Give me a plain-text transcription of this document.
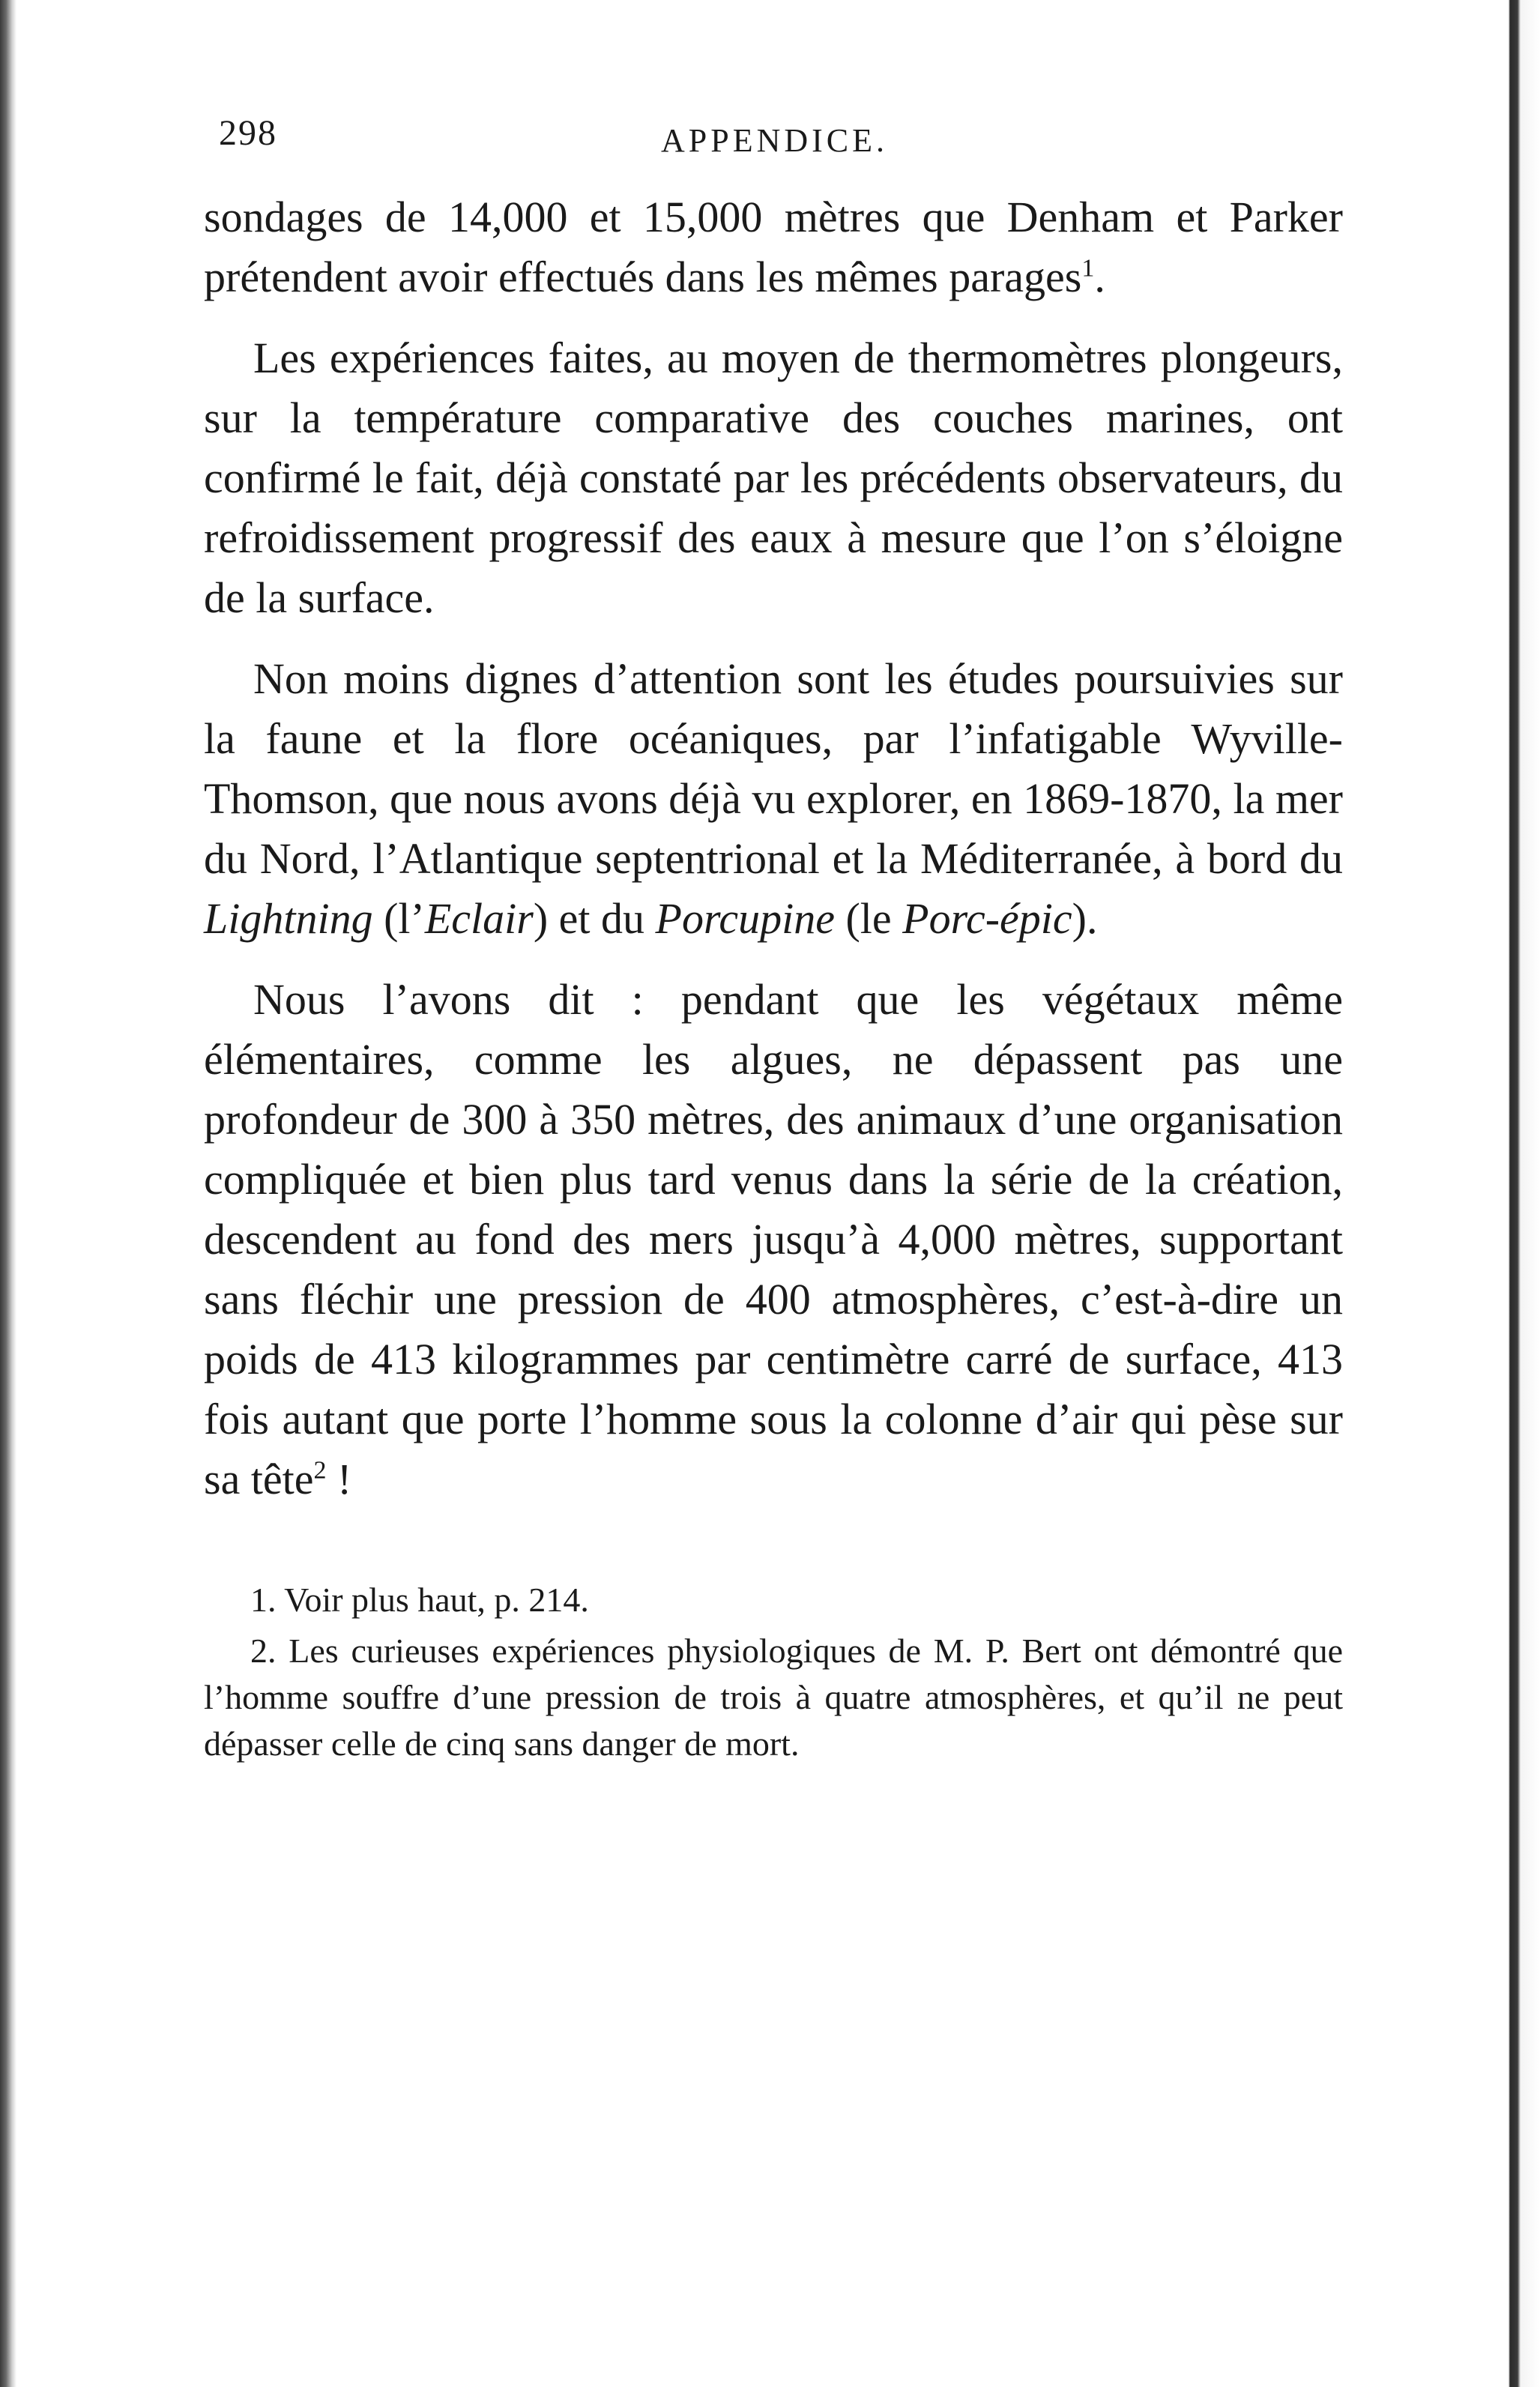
298	APPENDICE.

sondages de 14,000 et 15,000 mètres que Denham et Parker prétendent avoir effectués dans les mêmes parages$^1$.

Les expériences faites, au moyen de thermomètres plongeurs, sur la température comparative des couches marines, ont confirmé le fait, déjà constaté par les précédents observateurs, du refroidissement progressif des eaux à mesure que l’on s’éloigne de la surface.

Non moins dignes d’attention sont les études poursuivies sur la faune et la flore océaniques, par l’infatigable Wyville-Thomson, que nous avons déjà vu explorer, en 1869-1870, la mer du Nord, l’Atlantique septentrional et la Méditerranée, à bord du Lightning (l’Eclair) et du Porcupine (le Porc-épic).

Nous l’avons dit : pendant que les végétaux même élémentaires, comme les algues, ne dépassent pas une profondeur de 300 à 350 mètres, des animaux d’une organisation compliquée et bien plus tard venus dans la série de la création, descendent au fond des mers jusqu’à 4,000 mètres, supportant sans fléchir une pression de 400 atmosphères, c’est-à-dire un poids de 413 kilogrammes par centimètre carré de surface, 413 fois autant que porte l’homme sous la colonne d’air qui pèse sur sa tête$^2$ !

1. Voir plus haut, p. 214.

2. Les curieuses expériences physiologiques de M. P. Bert ont démontré que l’homme souffre d’une pression de trois à quatre atmosphères, et qu’il ne peut dépasser celle de cinq sans danger de mort.
